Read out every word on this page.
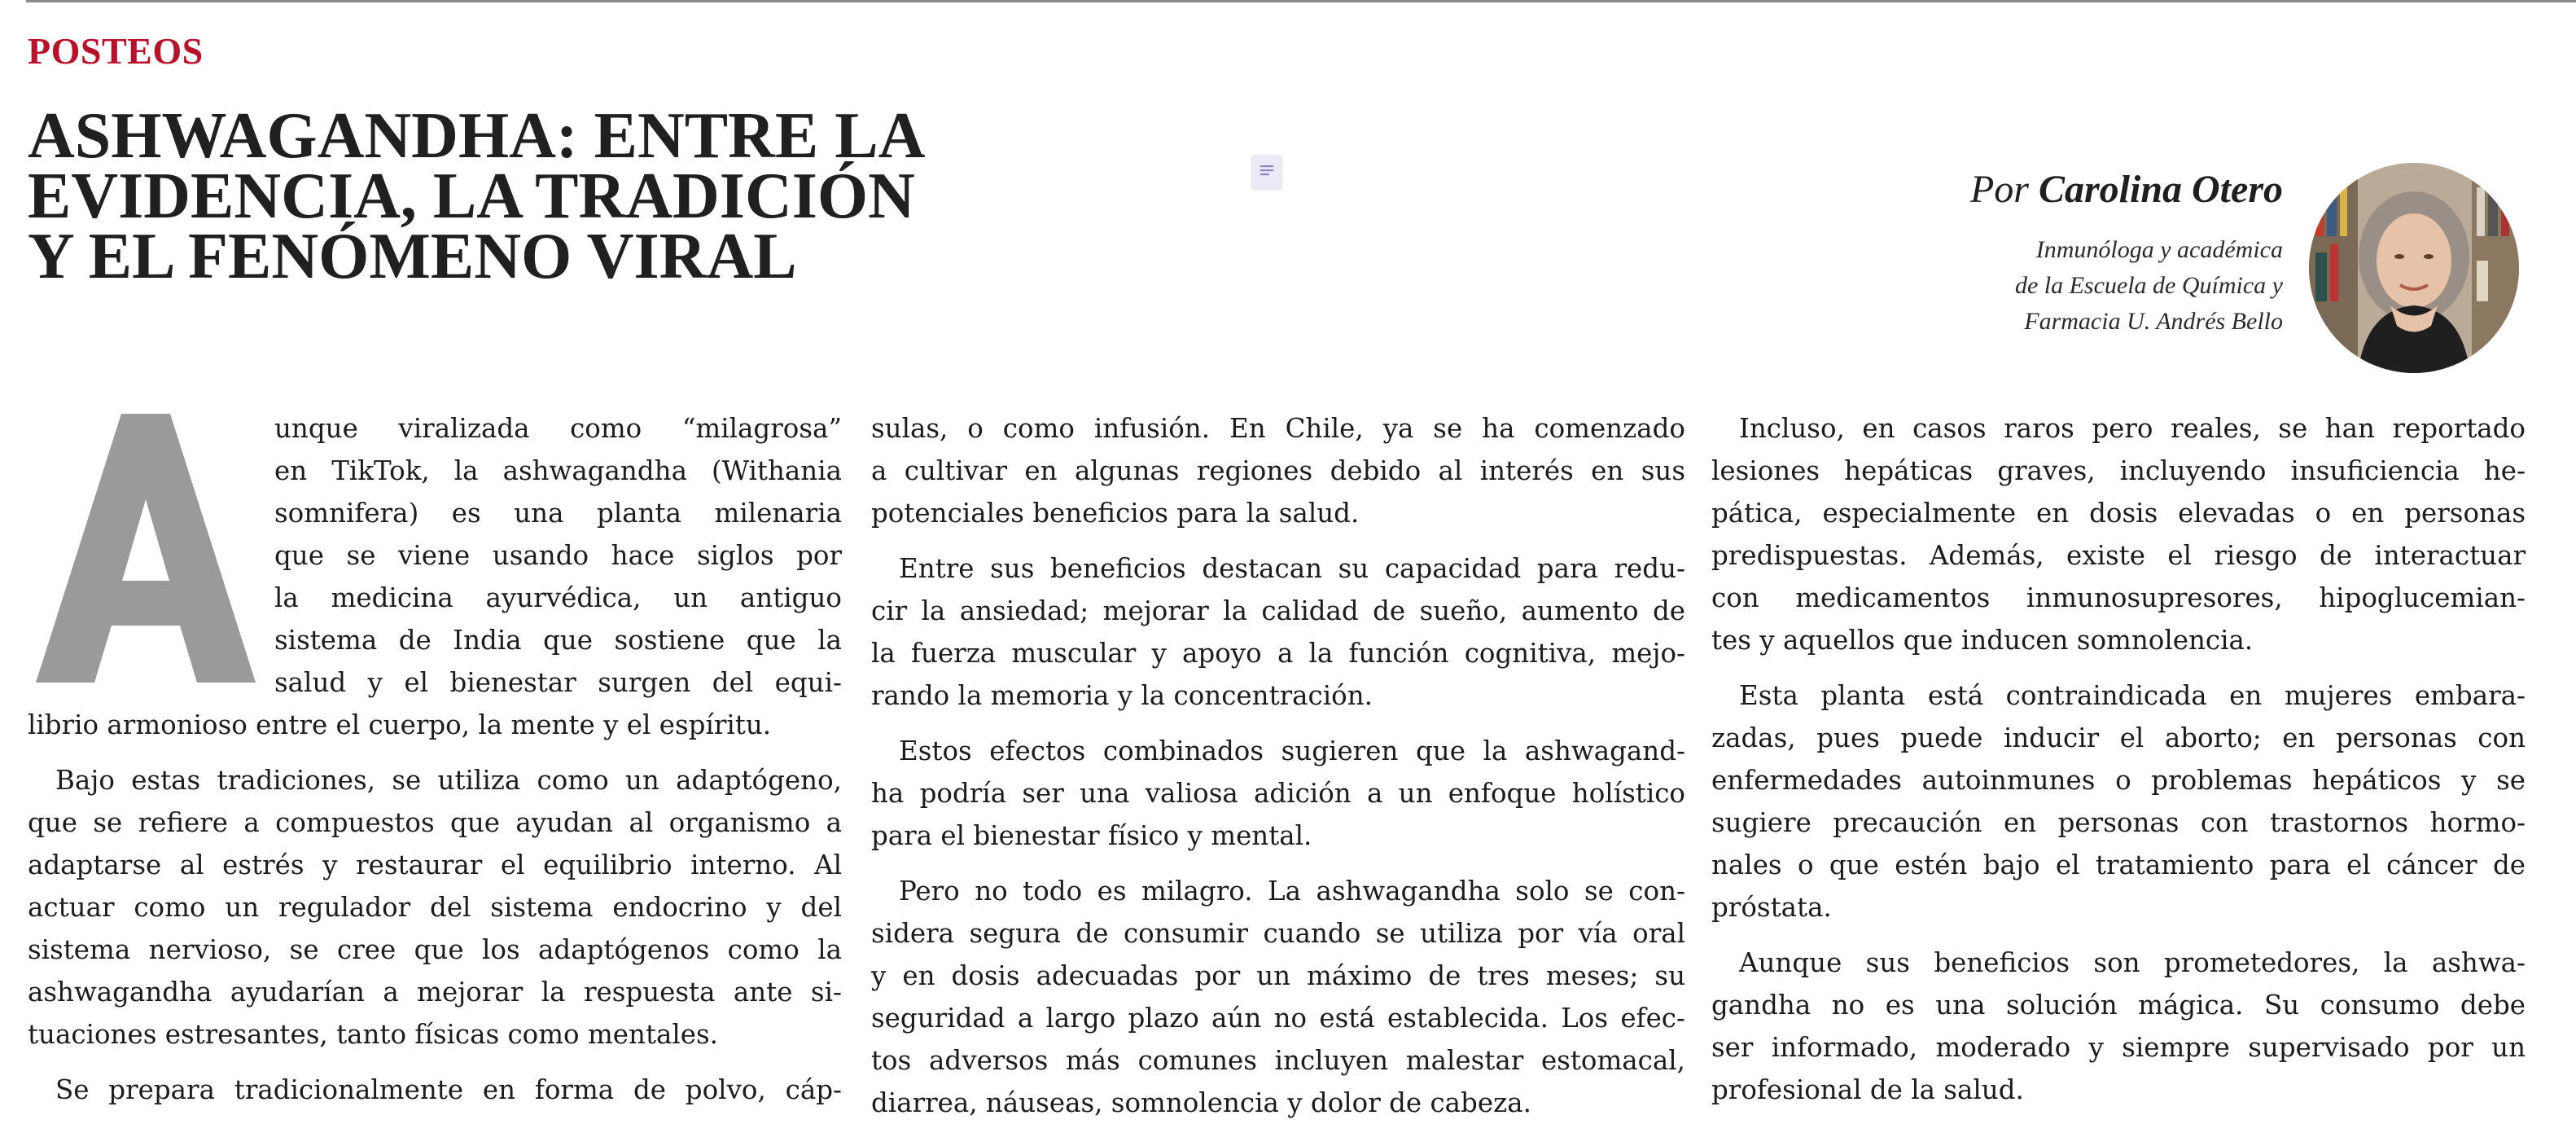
POSTEOS
ASHWAGANDHA: ENTRE LA
EVIDENCIA, LA TRADICIÓN
Y EL FENÓMENO VIRAL
Por Carolina Otero
Inmunóloga y académica
de la Escuela de Química y
Farmacia U. Andrés Bello
A
unque viralizada como “milagrosa”
en TikTok, la ashwagandha (Withania
somnifera) es una planta milenaria
que se viene usando hace siglos por
la medicina ayurvédica, un antiguo
sistema de India que sostiene que la
salud y el bienestar surgen del equi-
librio armonioso entre el cuerpo, la mente y el espíritu.
Bajo estas tradiciones, se utiliza como un adaptógeno,
que se refiere a compuestos que ayudan al organismo a
adaptarse al estrés y restaurar el equilibrio interno. Al
actuar como un regulador del sistema endocrino y del
sistema nervioso, se cree que los adaptógenos como la
ashwagandha ayudarían a mejorar la respuesta ante si-
tuaciones estresantes, tanto físicas como mentales.
Se prepara tradicionalmente en forma de polvo, cáp-
sulas, o como infusión. En Chile, ya se ha comenzado
a cultivar en algunas regiones debido al interés en sus
potenciales beneficios para la salud.
Entre sus beneficios destacan su capacidad para redu-
cir la ansiedad; mejorar la calidad de sueño, aumento de
la fuerza muscular y apoyo a la función cognitiva, mejo-
rando la memoria y la concentración.
Estos efectos combinados sugieren que la ashwagand-
ha podría ser una valiosa adición a un enfoque holístico
para el bienestar físico y mental.
Pero no todo es milagro. La ashwagandha solo se con-
sidera segura de consumir cuando se utiliza por vía oral
y en dosis adecuadas por un máximo de tres meses; su
seguridad a largo plazo aún no está establecida. Los efec-
tos adversos más comunes incluyen malestar estomacal,
diarrea, náuseas, somnolencia y dolor de cabeza.
Incluso, en casos raros pero reales, se han reportado
lesiones hepáticas graves, incluyendo insuficiencia he-
pática, especialmente en dosis elevadas o en personas
predispuestas. Además, existe el riesgo de interactuar
con medicamentos inmunosupresores, hipoglucemian-
tes y aquellos que inducen somnolencia.
Esta planta está contraindicada en mujeres embara-
zadas, pues puede inducir el aborto; en personas con
enfermedades autoinmunes o problemas hepáticos y se
sugiere precaución en personas con trastornos hormo-
nales o que estén bajo el tratamiento para el cáncer de
próstata.
Aunque sus beneficios son prometedores, la ashwa-
gandha no es una solución mágica. Su consumo debe
ser informado, moderado y siempre supervisado por un
profesional de la salud.
